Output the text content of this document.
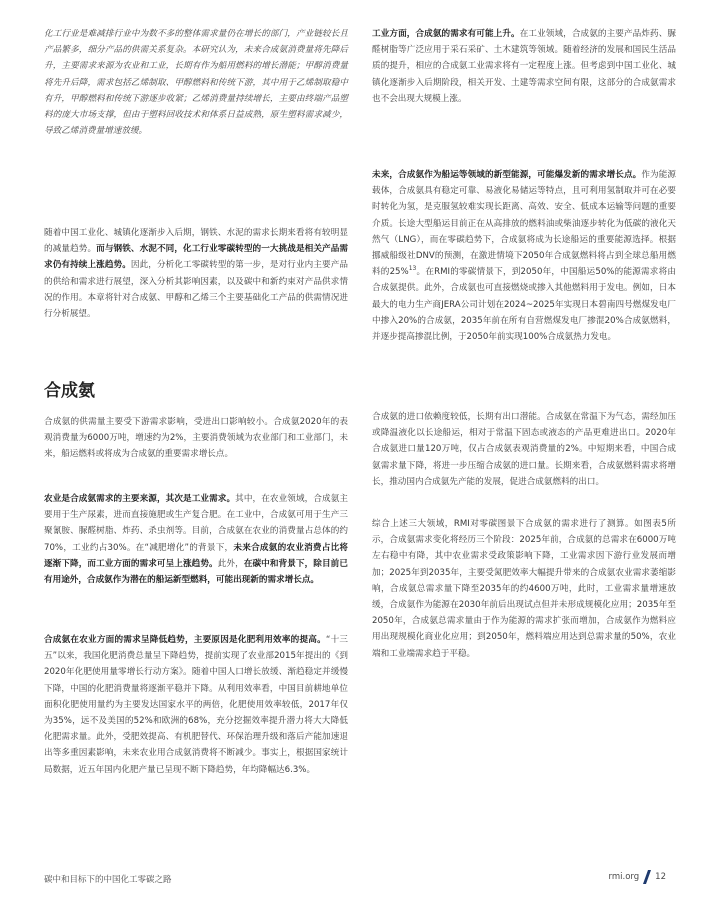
化工行业是难减排行业中为数不多的整体需求量仍在增长的部门，产业链较长且产品繁多，细分产品的供需关系复杂。本研究认为，未来合成氨消费量将先降后升，主要需求来源为农业和工业，长期有作为船用燃料的增长潜能；甲醇消费量将先升后降，需求包括乙烯制取、甲醇燃料和传统下游，其中用于乙烯制取稳中有升，甲醇燃料和传统下游逐步收紧；乙烯消费量持续增长，主要由终端产品塑料的庞大市场支撑，但由于塑料回收技术和体系日益成熟，原生塑料需求减少，导致乙烯消费量增速放缓。

随着中国工业化、城镇化逐渐步入后期，钢铁、水泥的需求长期来看将有较明显的减量趋势。而与钢铁、水泥不同，化工行业零碳转型的一大挑战是相关产品需求仍有持续上涨趋势。因此，分析化工零碳转型的第一步，是对行业内主要产品的供给和需求进行展望，深入分析其影响因素，以及碳中和新约束对产品供求情况的作用。本章将针对合成氨、甲醇和乙烯三个主要基础化工产品的供需情况进行分析展望。

合成氨

合成氨的供需量主要受下游需求影响，受进出口影响较小。合成氨2020年的表观消费量为6000万吨，增速约为2%，主要消费领域为农业部门和工业部门，未来，船运燃料或将成为合成氨的重要需求增长点。

农业是合成氨需求的主要来源，其次是工业需求。其中，在农业领域，合成氨主要用于生产尿素，进而直接施肥或生产复合肥。在工业中，合成氨可用于生产三聚氰胺、脲醛树脂、炸药、杀虫剂等。目前，合成氨在农业的消费量占总体的约70%，工业约占30%。在“减肥增化”的背景下，未来合成氨的农业消费占比将逐渐下降，而工业方面的需求可呈上涨趋势。此外，在碳中和背景下，除目前已有用途外，合成氨作为潜在的船运新型燃料，可能出现新的需求增长点。

合成氨在农业方面的需求呈降低趋势，主要原因是化肥利用效率的提高。“十三五”以来，我国化肥消费总量呈下降趋势，提前实现了农业部2015年提出的《到2020年化肥使用量零增长行动方案》。随着中国人口增长放缓、渐趋稳定并缓慢下降，中国的化肥消费量将逐渐平稳并下降。从利用效率看，中国目前耕地单位面积化肥使用量约为主要发达国家水平的两倍，化肥使用效率较低，2017年仅为35%，远不及美国的52%和欧洲的68%，充分挖掘效率提升潜力将大大降低化肥需求量。此外，受肥效提高、有机肥替代、环保治理升级和落后产能加速退出等多重因素影响，未来农业用合成氨消费将不断减少。事实上，根据国家统计局数据，近五年国内化肥产量已呈现不断下降趋势，年均降幅达6.3%。

工业方面，合成氨的需求有可能上升。在工业领域，合成氨的主要产品炸药、脲醛树脂等广泛应用于采石采矿、土木建筑等领域。随着经济的发展和国民生活品质的提升，相应的合成氨工业需求将有一定程度上涨。但考虑到中国工业化、城镇化逐渐步入后期阶段，相关开发、土建等需求空间有限，这部分的合成氨需求也不会出现大规模上涨。

未来，合成氨作为船运等领域的新型能源，可能爆发新的需求增长点。作为能源载体，合成氨具有稳定可靠、易液化易储运等特点，且可利用氢制取并可在必要时转化为氢，是克服氢较难实现长距离、高效、安全、低成本运输等问题的重要介质。长途大型船运目前正在从高排放的燃料油或柴油逐步转化为低碳的液化天然气（LNG），而在零碳趋势下，合成氨将成为长途船运的重要能源选择。根据挪威船级社DNV的预测，在激进情境下2050年合成氨燃料将占到全球总船用燃料的25%$^{13}$。在RMI的零碳情景下，到2050年，中国船运50%的能源需求将由合成氨提供。此外，合成氨也可直接燃烧或掺入其他燃料用于发电。例如，日本最大的电力生产商JERA公司计划在2024~2025年实现日本碧南四号燃煤发电厂中掺入20%的合成氨，2035年前在所有自营燃煤发电厂掺混20%合成氨燃料，并逐步提高掺混比例，于2050年前实现100%合成氨热力发电。

合成氨的进口依赖度较低，长期有出口潜能。合成氨在常温下为气态，需经加压或降温液化以长途船运，相对于常温下固态或液态的产品更难进出口。2020年合成氨进口量120万吨，仅占合成氨表观消费量的2%。中短期来看，中国合成氨需求量下降，将进一步压缩合成氨的进口量。长期来看，合成氨燃料需求将增长，推动国内合成氨先产能的发展，促进合成氨燃料的出口。

综合上述三大领域，RMI对零碳图景下合成氨的需求进行了测算。如图表5所示，合成氨需求变化将经历三个阶段：2025年前，合成氨的总需求在6000万吨左右稳中有降，其中农业需求受政策影响下降，工业需求因下游行业发展而增加；2025年到2035年，主要受氮肥效率大幅提升带来的合成氨农业需求萎缩影响，合成氨总需求量下降至2035年的约4600万吨，此时，工业需求量增速放缓，合成氨作为能源在2030年前后出现试点但并未形成规模化应用；2035年至2050年，合成氨总需求量由于作为能源的需求扩张而增加，合成氨作为燃料应用出现规模化商业化应用；到2050年，燃料端应用达到总需求量的50%，农业端和工业端需求趋于平稳。

碳中和目标下的中国化工零碳之路	rmi.org 12
